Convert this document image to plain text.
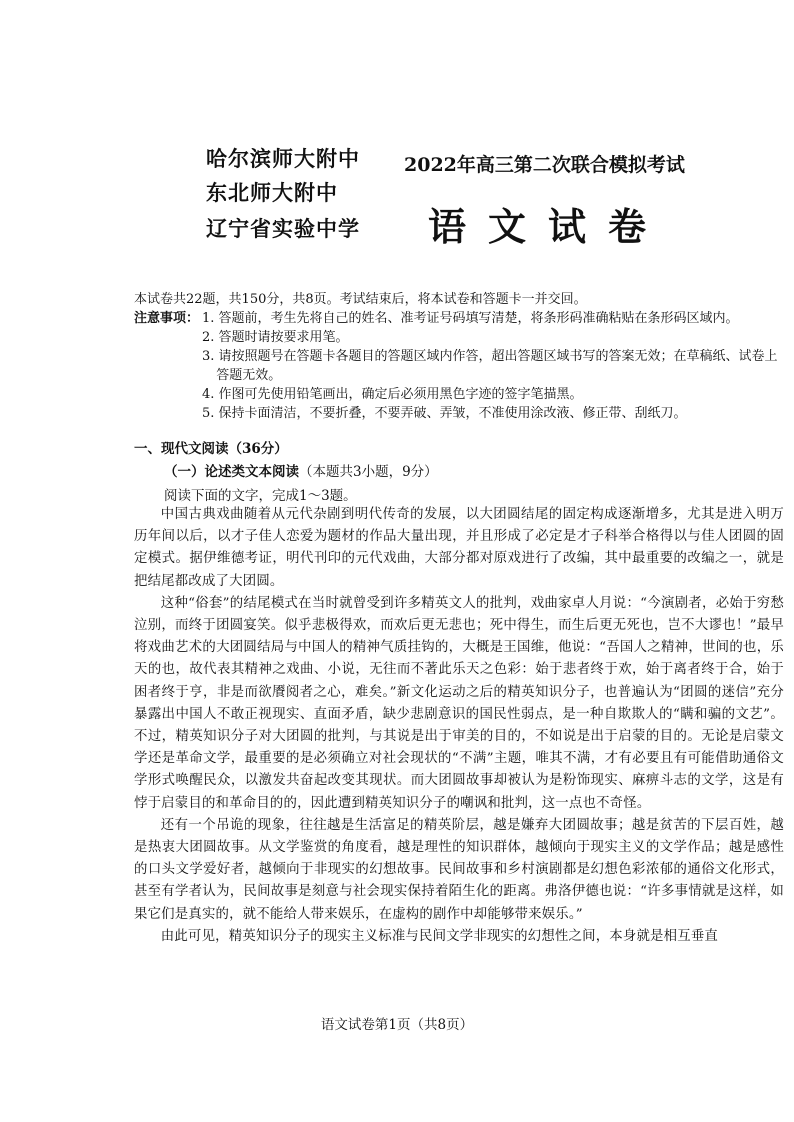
哈尔滨师大附中
东北师大附中
辽宁省实验中学
2022年高三第二次联合模拟考试
语文试卷
本试卷共22题，共150分，共8页。考试结束后，将本试卷和答题卡一并交回。
注意事项： 1. 答题前，考生先将自己的姓名、准考证号码填写清楚，将条形码准确粘贴在条形码区域内。
2. 答题时请按要求用笔。
3. 请按照题号在答题卡各题目的答题区域内作答，超出答题区域书写的答案无效；在草稿纸、试卷上答题无效。
4. 作图可先使用铅笔画出，确定后必须用黑色字迹的签字笔描黑。
5. 保持卡面清洁，不要折叠，不要弄破、弄皱，不准使用涂改液、修正带、刮纸刀。
一、现代文阅读（36分）
（一）论述类文本阅读（本题共3小题，9分）
阅读下面的文字，完成1～3题。

中国古典戏曲随着从元代杂剧到明代传奇的发展，以大团圆结尾的固定构成逐渐增多，尤其是进入明万历年间以后，以才子佳人恋爱为题材的作品大量出现，并且形成了必定是才子科举合格得以与佳人团圆的固定模式。据伊维德考证，明代刊印的元代戏曲，大部分都对原戏进行了改编，其中最重要的改编之一，就是把结尾都改成了大团圆。

这种“俗套”的结尾模式在当时就曾受到许多精英文人的批判，戏曲家卓人月说：“今演剧者，必始于穷愁泣别，而终于团圆宴笑。似乎悲极得欢，而欢后更无悲也；死中得生，而生后更无死也，岂不大谬也！”最早将戏曲艺术的大团圆结局与中国人的精神气质挂钩的，大概是王国维，他说：“吾国人之精神，世间的也，乐天的也，故代表其精神之戏曲、小说，无往而不著此乐天之色彩：始于悲者终于欢，始于离者终于合，始于困者终于亨，非是而欲餍阅者之心，难矣。”新文化运动之后的精英知识分子，也普遍认为“团圆的迷信”充分暴露出中国人不敢正视现实、直面矛盾，缺少悲剧意识的国民性弱点，是一种自欺欺人的“瞒和骗的文艺”。不过，精英知识分子对大团圆的批判，与其说是出于审美的目的，不如说是出于启蒙的目的。无论是启蒙文学还是革命文学，最重要的是必须确立对社会现状的“不满”主题，唯其不满，才有必要且有可能借助通俗文学形式唤醒民众，以激发共奋起改变其现状。而大团圆故事却被认为是粉饰现实、麻痹斗志的文学，这是有悖于启蒙目的和革命目的的，因此遭到精英知识分子的嘲讽和批判，这一点也不奇怪。

还有一个吊诡的现象，往往越是生活富足的精英阶层，越是嫌弃大团圆故事；越是贫苦的下层百姓，越是热衷大团圆故事。从文学鉴赏的角度看，越是理性的知识群体，越倾向于现实主义的文学作品；越是感性的口头文学爱好者，越倾向于非现实的幻想故事。民间故事和乡村演剧都是幻想色彩浓郁的通俗文化形式，甚至有学者认为，民间故事是刻意与社会现实保持着陌生化的距离。弗洛伊德也说：“许多事情就是这样，如果它们是真实的，就不能给人带来娱乐，在虚构的剧作中却能够带来娱乐。”

由此可见，精英知识分子的现实主义标准与民间文学非现实的幻想性之间，本身就是相互垂直

语文试卷第1页（共8页）
